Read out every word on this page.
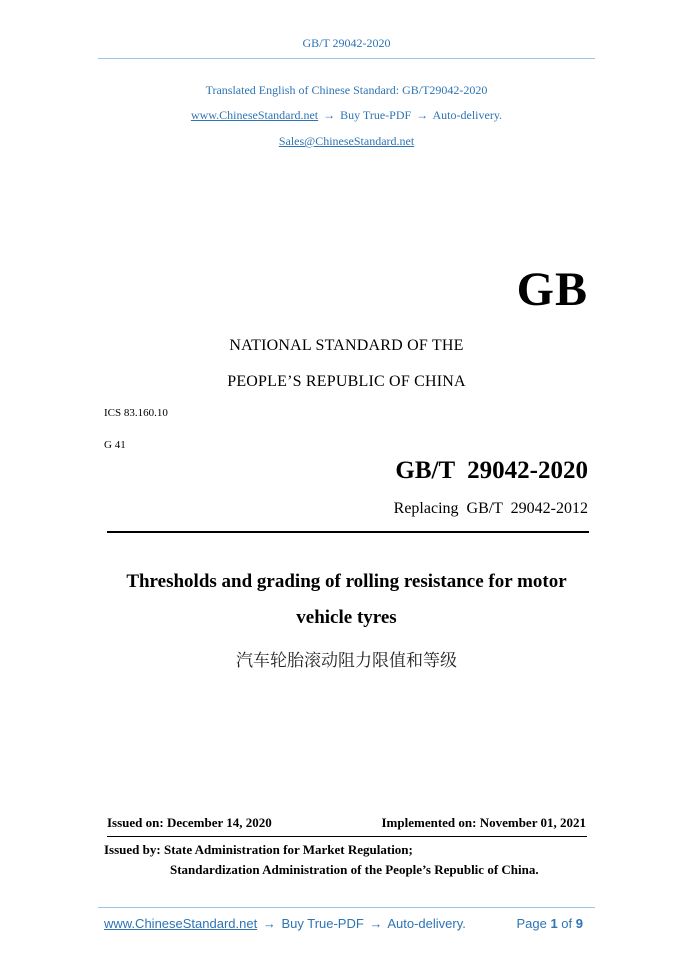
GB/T 29042-2020
Translated English of Chinese Standard: GB/T29042-2020
www.ChineseStandard.net → Buy True-PDF → Auto-delivery.
Sales@ChineseStandard.net
GB
NATIONAL STANDARD OF THE
PEOPLE’S REPUBLIC OF CHINA
ICS 83.160.10
G 41
GB/T  29042-2020
Replacing  GB/T  29042-2012
Thresholds and grading of rolling resistance for motor
vehicle tyres
汽车轮胎滚动阻力限值和等级
Issued on: December 14, 2020	Implemented on: November 01, 2021
Issued by: State Administration for Market Regulation;
Standardization Administration of the People’s Republic of China.
www.ChineseStandard.net → Buy True-PDF → Auto-delivery.	Page 1 of 9
